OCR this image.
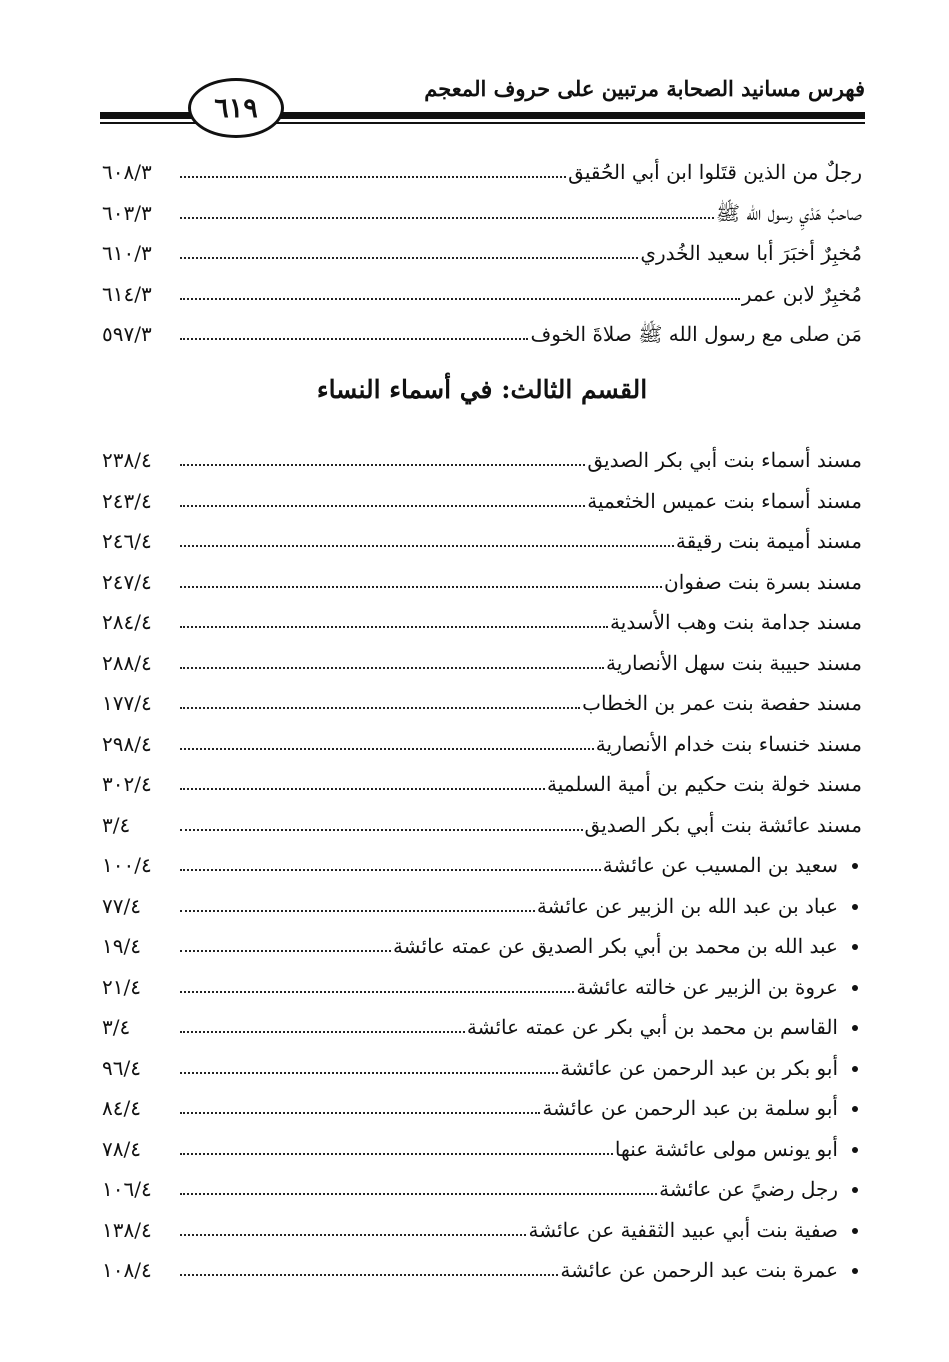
فهرس مسانيد الصحابة مرتبين على حروف المعجم
٦١٩
رجلٌ من الذين قتَلوا ابن أبي الحُقيق
٦٠٨/٣
صاحبُ هَدْيِ رسول الله ﷺ
٦٠٣/٣
مُخبِرٌ أخبَرَ أبا سعيد الخُدري
٦١٠/٣
مُخبِرٌ لابن عمر
٦١٤/٣
مَن صلى مع رسول الله ﷺ صلاةَ الخوف
٥٩٧/٣
القسم الثالث: في أسماء النساء
مسند أسماء بنت أبي بكر الصديق
٢٣٨/٤
مسند أسماء بنت عميس الخثعمية
٢٤٣/٤
مسند أميمة بنت رقيقة
٢٤٦/٤
مسند بسرة بنت صفوان
٢٤٧/٤
مسند جدامة بنت وهب الأسدية
٢٨٤/٤
مسند حبيبة بنت سهل الأنصارية
٢٨٨/٤
مسند حفصة بنت عمر بن الخطاب
١٧٧/٤
مسند خنساء بنت خدام الأنصارية
٢٩٨/٤
مسند خولة بنت حكيم بن أمية السلمية
٣٠٢/٤
مسند عائشة بنت أبي بكر الصديق
٣/٤
سعيد بن المسيب عن عائشة
١٠٠/٤
عباد بن عبد الله بن الزبير عن عائشة
٧٧/٤
عبد الله بن محمد بن أبي بكر الصديق عن عمته عائشة
١٩/٤
عروة بن الزبير عن خالته عائشة
٢١/٤
القاسم بن محمد بن أبي بكر عن عمته عائشة
٣/٤
أبو بكر بن عبد الرحمن عن عائشة
٩٦/٤
أبو سلمة بن عبد الرحمن عن عائشة
٨٤/٤
أبو يونس مولى عائشة عنها
٧٨/٤
رجل رضيً عن عائشة
١٠٦/٤
صفية بنت أبي عبيد الثقفية عن عائشة
١٣٨/٤
عمرة بنت عبد الرحمن عن عائشة
١٠٨/٤
